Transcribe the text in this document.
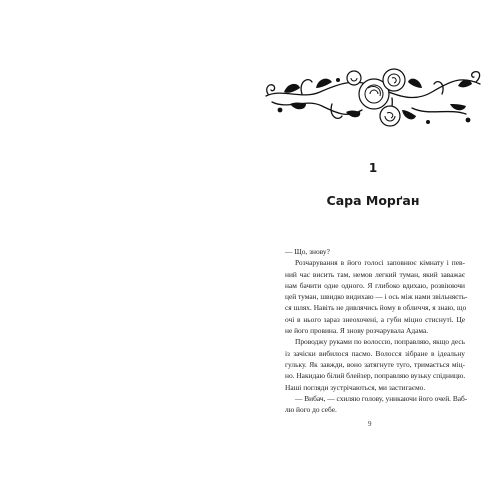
1
Сара Морґан
— Що, знову?
Розчарування в його голосі заповнює кімнату і пев-
ний час висить там, немов легкий туман, який заважає
нам бачити одне одного. Я глибоко вдихаю, розвіюючи
цей туман, швидко видихаю — і ось між нами звільняєть-
ся шлях. Навіть не дивлячись йому в обличчя, я знаю, що
очі в нього зараз знеохочені, а губи міцно стиснуті. Це
не його провина. Я знову розчарувала Адама.
Проводжу руками по волоссю, поправляю, якщо десь
із зачіски вибилося пасмо. Волосся зібране в ідеальну
гульку. Як завжди, воно затягнуте туго, тримається міц-
но. Накидаю білий блейзер, поправляю вузьку спідницю.
Наші погляди зустрічаються, ми застигаємо.
— Вибач, — схиляю голову, уникаючи його очей. Ваб-
лю його до себе.
9
